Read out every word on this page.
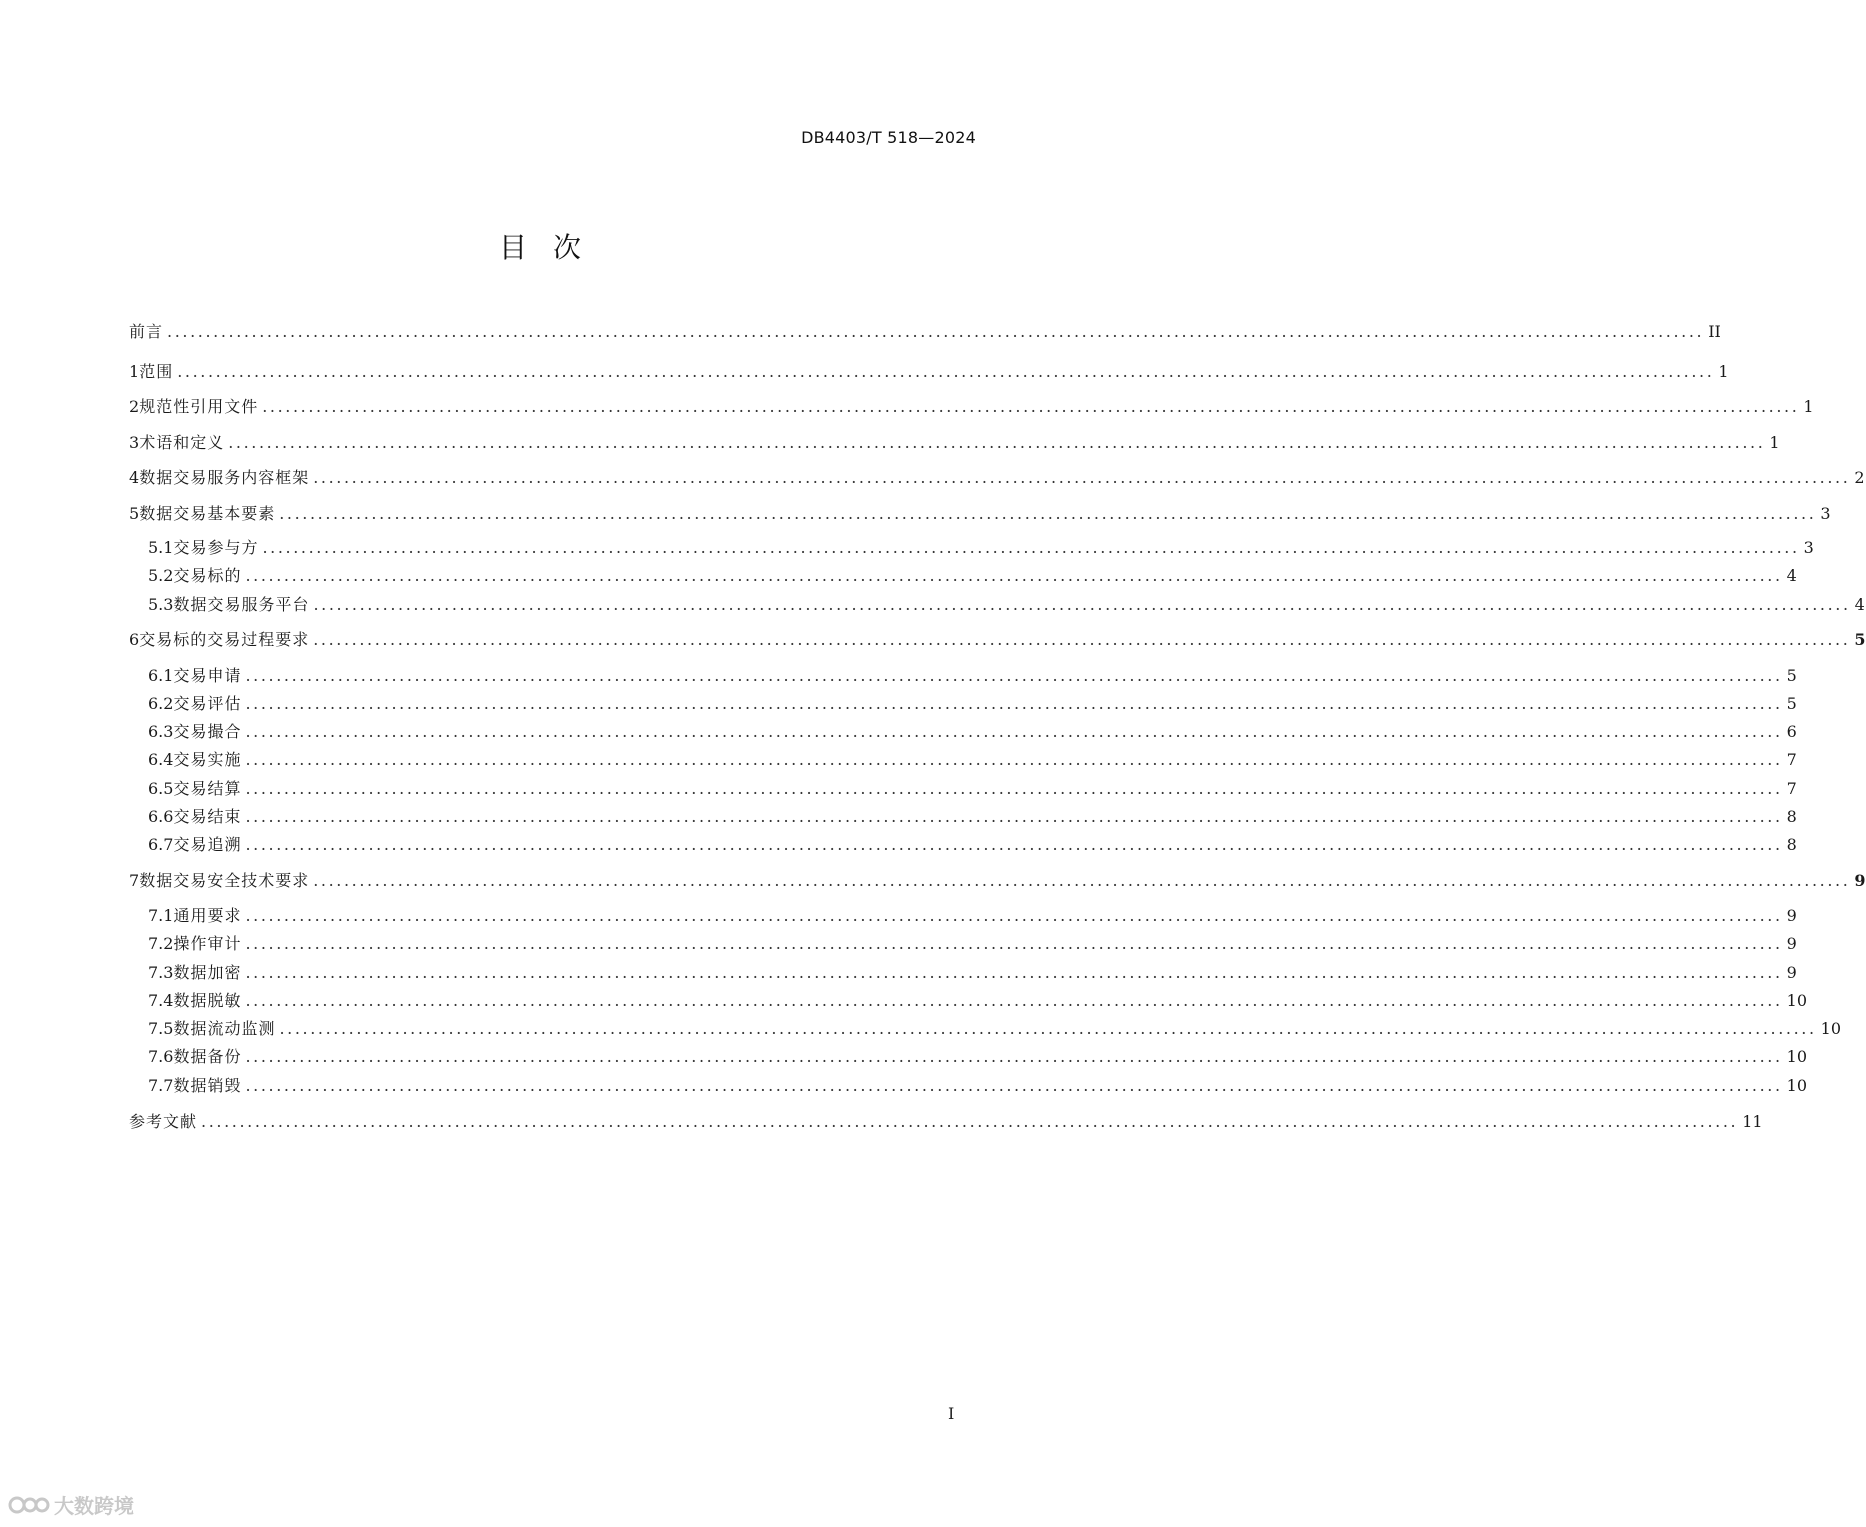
DB4403/T 518—2024
目次
前言 ........................................................................................................................................................................................................ II
1 范围 ........................................................................................................................................................................................................ 1
2 规范性引用文件 ........................................................................................................................................................................................................ 1
3 术语和定义 ........................................................................................................................................................................................................ 1
4 数据交易服务内容框架 ........................................................................................................................................................................................................ 2
5 数据交易基本要素 ........................................................................................................................................................................................................ 3
5.1 交易参与方 ........................................................................................................................................................................................................ 3
5.2 交易标的 ........................................................................................................................................................................................................ 4
5.3 数据交易服务平台 ........................................................................................................................................................................................................ 4
6 交易标的交易过程要求 ........................................................................................................................................................................................................ 5
6.1 交易申请 ........................................................................................................................................................................................................ 5
6.2 交易评估 ........................................................................................................................................................................................................ 5
6.3 交易撮合 ........................................................................................................................................................................................................ 6
6.4 交易实施 ........................................................................................................................................................................................................ 7
6.5 交易结算 ........................................................................................................................................................................................................ 7
6.6 交易结束 ........................................................................................................................................................................................................ 8
6.7 交易追溯 ........................................................................................................................................................................................................ 8
7 数据交易安全技术要求 ........................................................................................................................................................................................................ 9
7.1 通用要求 ........................................................................................................................................................................................................ 9
7.2 操作审计 ........................................................................................................................................................................................................ 9
7.3 数据加密 ........................................................................................................................................................................................................ 9
7.4 数据脱敏 ........................................................................................................................................................................................................ 10
7.5 数据流动监测 ........................................................................................................................................................................................................ 10
7.6 数据备份 ........................................................................................................................................................................................................ 10
7.7 数据销毁 ........................................................................................................................................................................................................ 10
参考文献 ........................................................................................................................................................................................................ 11
I
大数跨境
